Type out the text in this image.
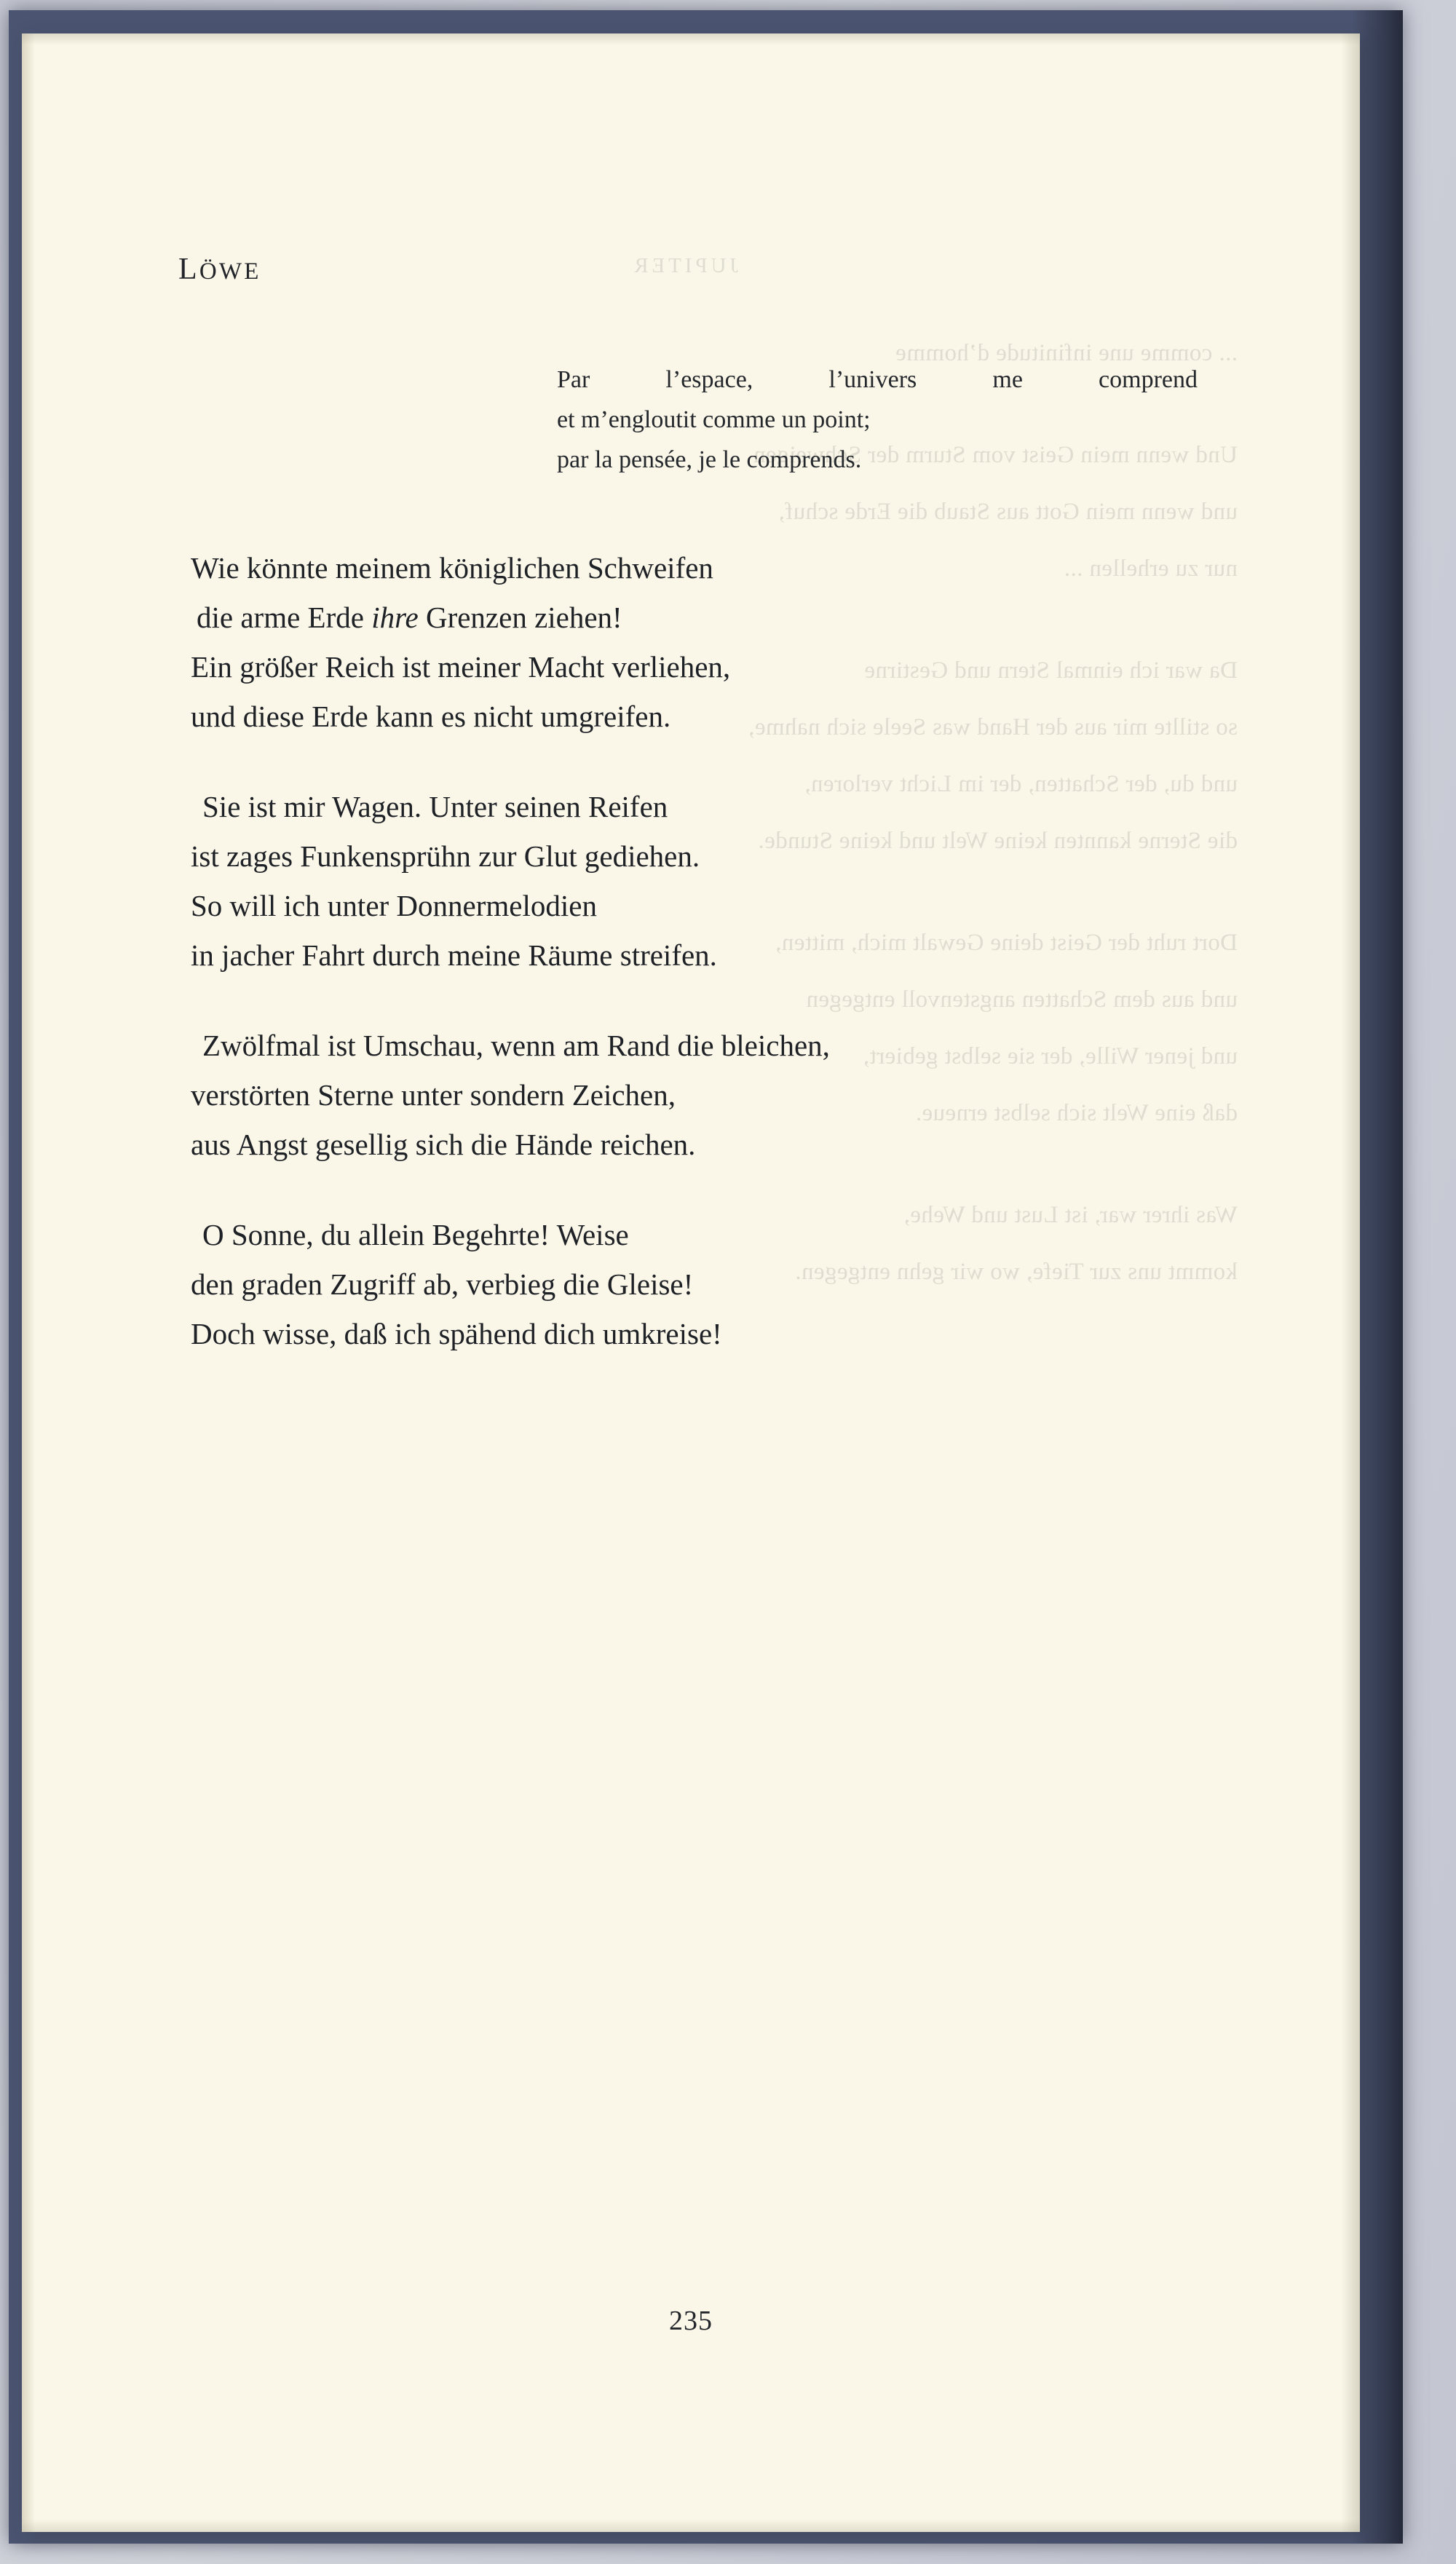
JUPITER
... comme une infinitude d’homme
Und wenn mein Geist vom Sturm der Schweigen
und wenn mein Gott aus Staub die Erde schuf,
nur zu erhellen ...
Da war ich einmal Stern und Gestirne
so stillte mir aus der Hand was Seele sich nahme,
und du, der Schatten, der im Licht verloren,
die Sterne kannten keine Welt und keine Stunde.
Dort ruht der Geist deine Gewalt mich, mitten,
und aus dem Schatten angstenvoll entgegen
und jener Wille, der sie selbst gebiert,
daß eine Welt sich selbst erneue.
Was ihrer war, ist Lust und Wehe,
kommt uns zur Tiefe, wo wir gehn entgegen.
LÖWE
Par l’espace, l’univers me comprend
et m’engloutit comme un point;
par la pensée, je le comprends.
Wie könnte meinem königlichen Schweifen
die arme Erde ihre Grenzen ziehen!
Ein größer Reich ist meiner Macht verliehen,
und diese Erde kann es nicht umgreifen.
Sie ist mir Wagen. Unter seinen Reifen
ist zages Funkensprühn zur Glut gediehen.
So will ich unter Donnermelodien
in jacher Fahrt durch meine Räume streifen.
Zwölfmal ist Umschau, wenn am Rand die bleichen,
verstörten Sterne unter sondern Zeichen,
aus Angst gesellig sich die Hände reichen.
O Sonne, du allein Begehrte! Weise
den graden Zugriff ab, verbieg die Gleise!
Doch wisse, daß ich spähend dich umkreise!
235
